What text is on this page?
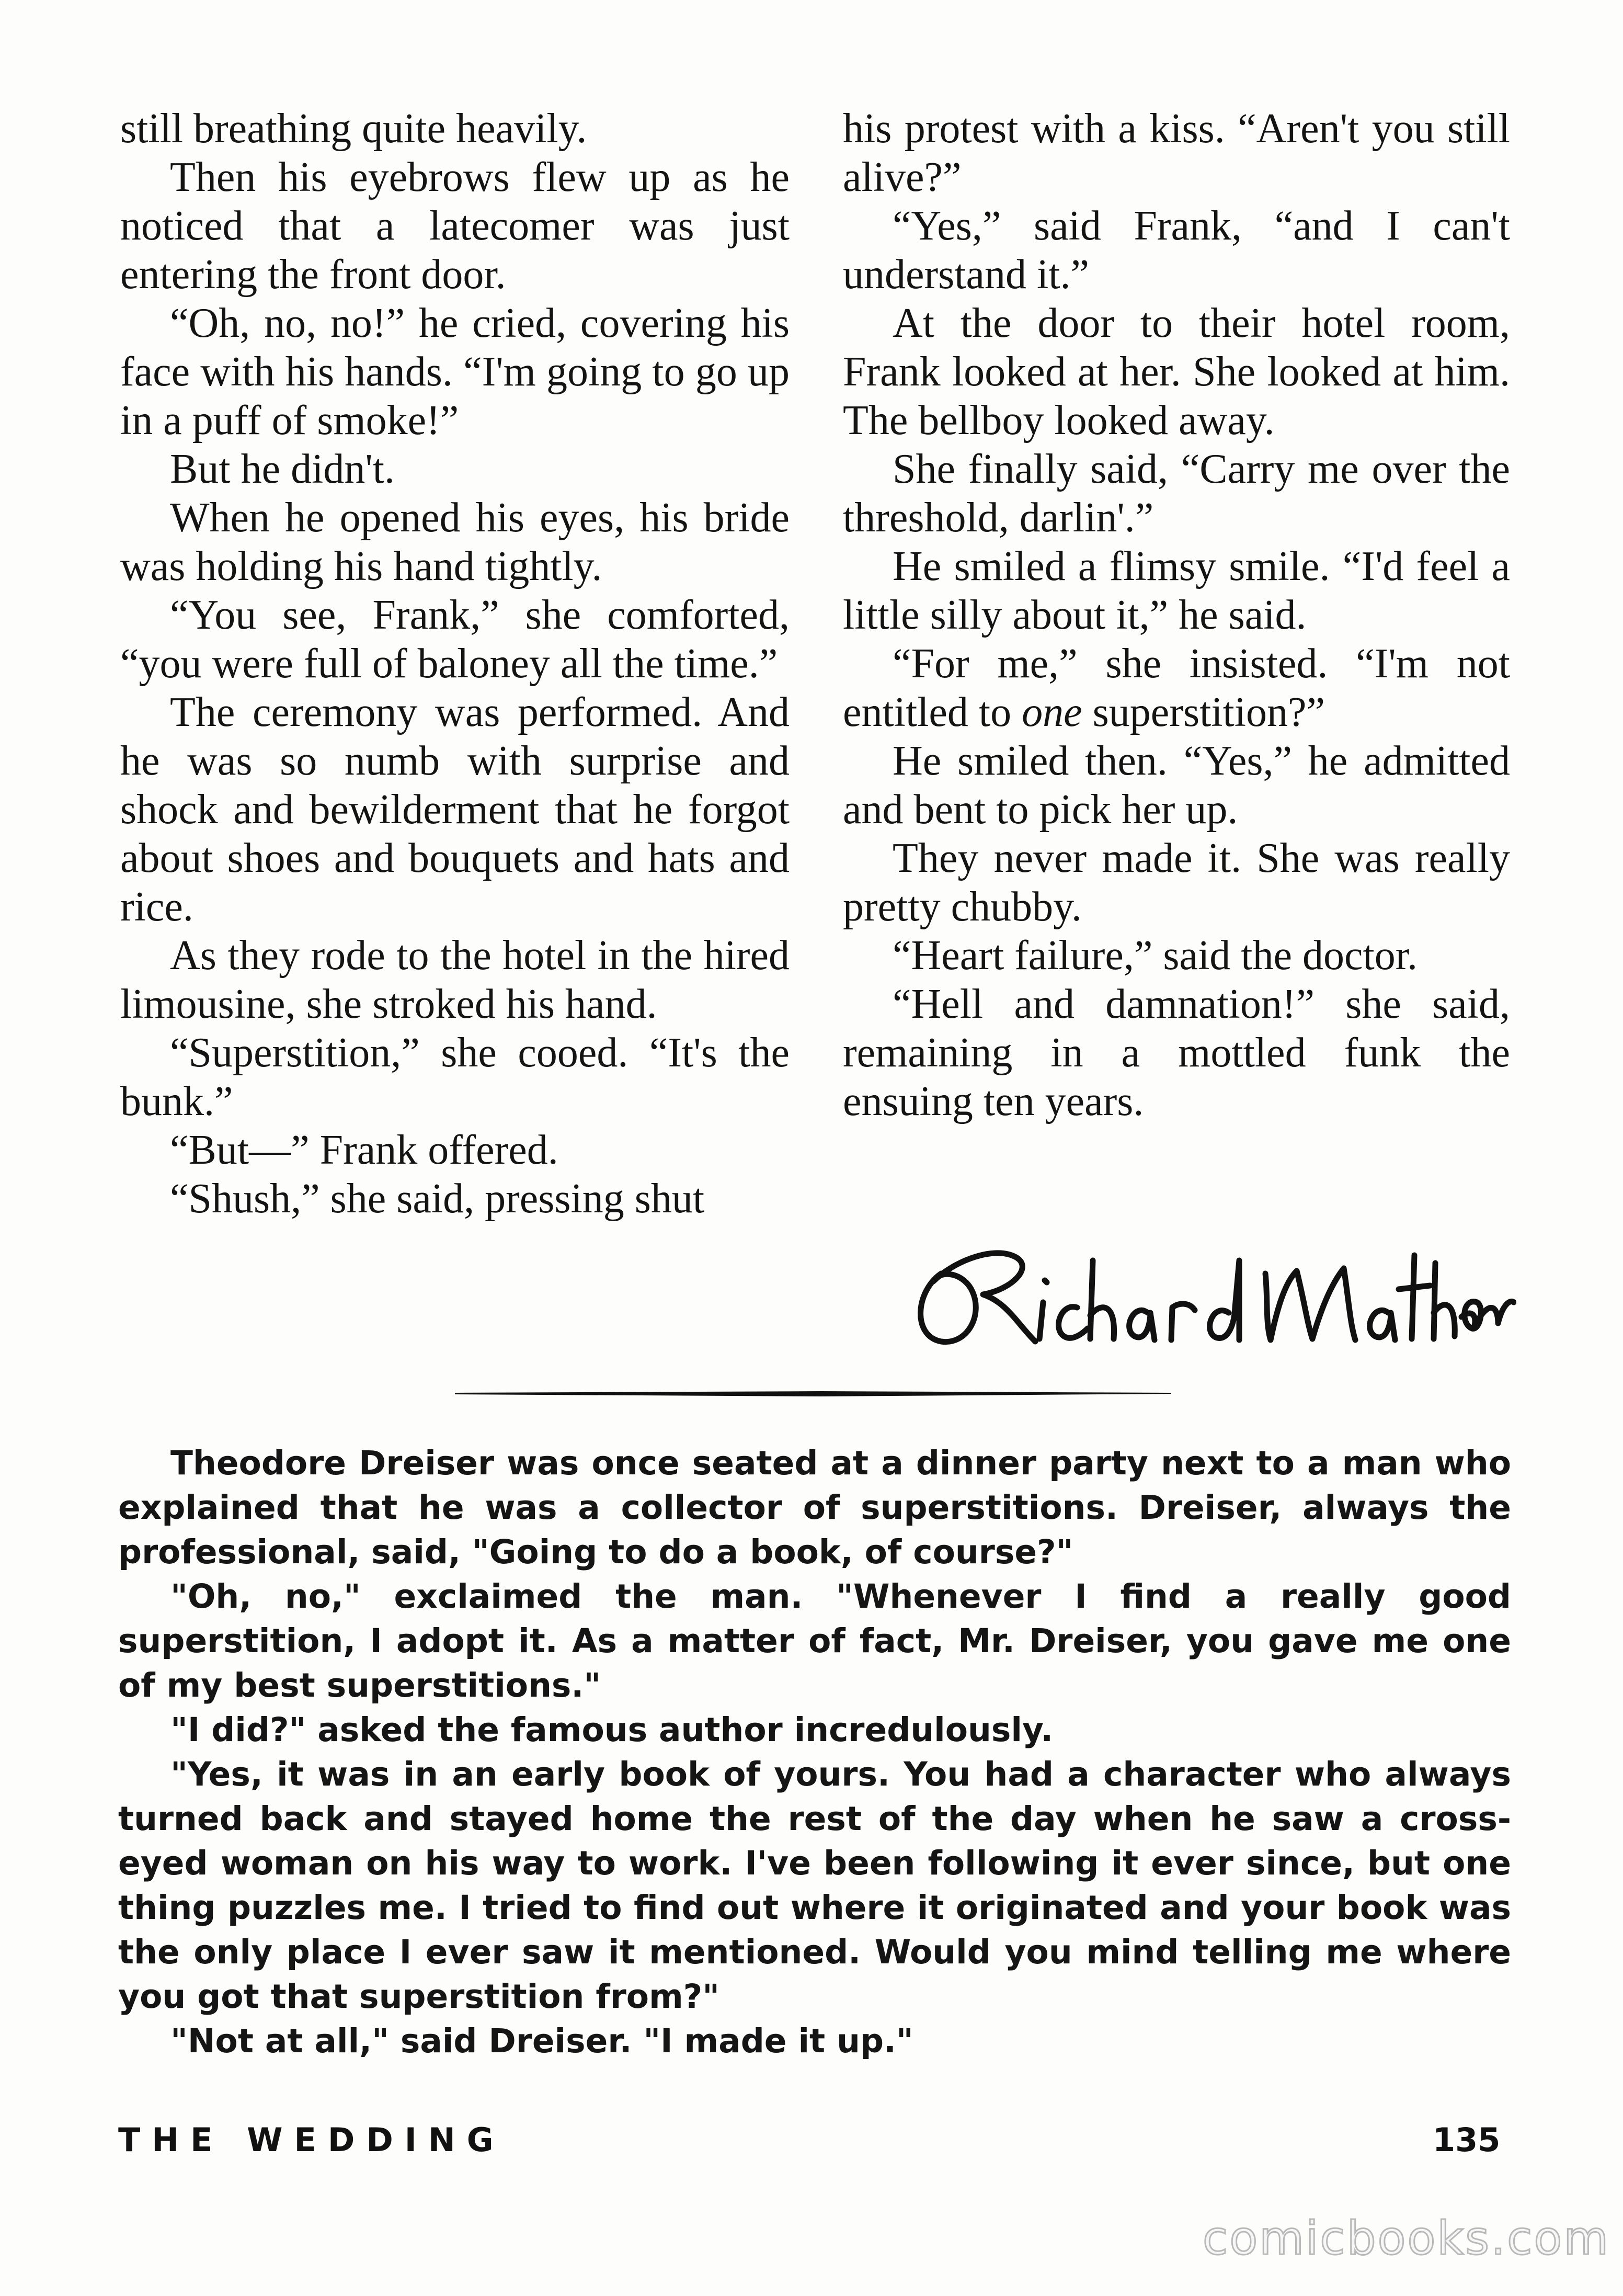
still breathing quite heavily.

Then his eyebrows flew up as he noticed that a latecomer was just entering the front door.

“Oh, no, no!” he cried, covering his face with his hands. “I'm going to go up in a puff of smoke!”

But he didn't.

When he opened his eyes, his bride was holding his hand tightly.

“You see, Frank,” she comforted, “you were full of baloney all the time.”

The ceremony was performed. And he was so numb with surprise and shock and bewilderment that he forgot about shoes and bouquets and hats and rice.

As they rode to the hotel in the hired limousine, she stroked his hand.

“Superstition,” she cooed. “It's the bunk.”

“But—” Frank offered.

“Shush,” she said, pressing shut

his protest with a kiss. “Aren't you still alive?”

“Yes,” said Frank, “and I can't understand it.”

At the door to their hotel room, Frank looked at her. She looked at him. The bellboy looked away.

She finally said, “Carry me over the threshold, darlin'.”

He smiled a flimsy smile. “I'd feel a little silly about it,” he said.

“For me,” she insisted. “I'm not entitled to one superstition?”

He smiled then. “Yes,” he admitted and bent to pick her up.

They never made it. She was really pretty chubby.

“Heart failure,” said the doctor.

“Hell and damnation!” she said, remaining in a mottled funk the ensuing ten years.

Theodore Dreiser was once seated at a dinner party next to a man who explained that he was a collector of superstitions. Dreiser, always the professional, said, "Going to do a book, of course?"

"Oh, no," exclaimed the man. "Whenever I find a really good superstition, I adopt it. As a matter of fact, Mr. Dreiser, you gave me one of my best superstitions."

"I did?" asked the famous author incredulously.

"Yes, it was in an early book of yours. You had a character who always turned back and stayed home the rest of the day when he saw a cross-eyed woman on his way to work. I've been following it ever since, but one thing puzzles me. I tried to find out where it originated and your book was the only place I ever saw it mentioned. Would you mind telling me where you got that superstition from?"

"Not at all," said Dreiser. "I made it up."

THE WEDDING	135
comicbooks.com
